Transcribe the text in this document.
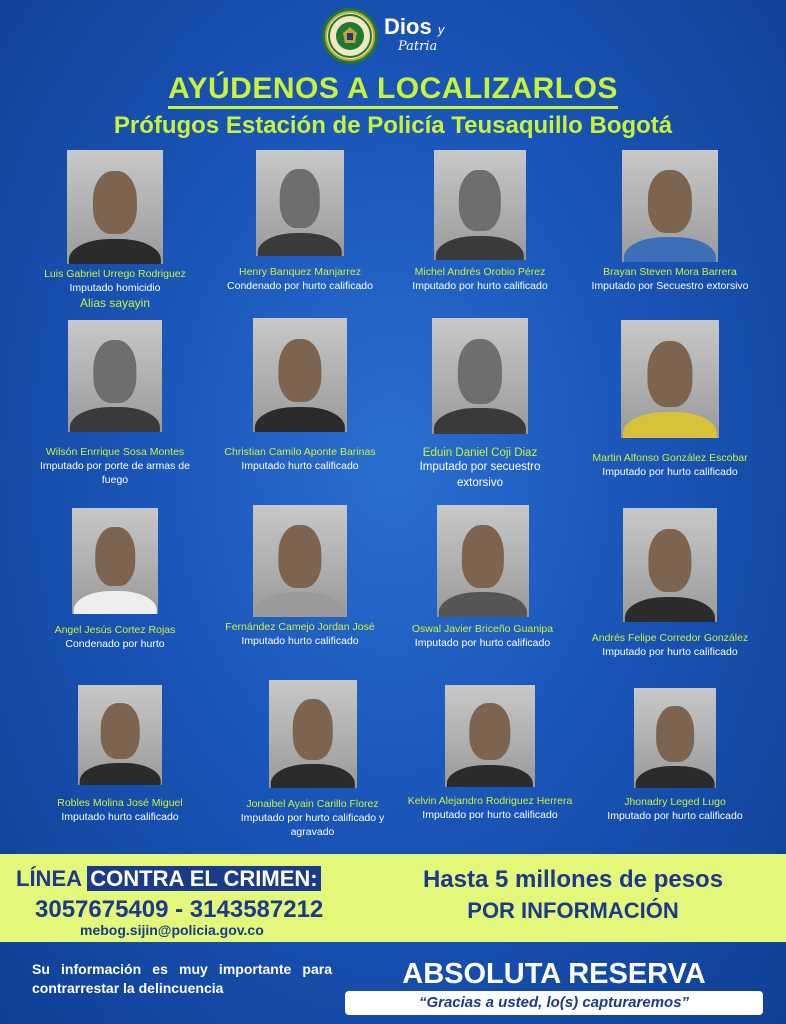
Dios y
Patria
AYÚDENOS A LOCALIZARLOS
Prófugos Estación de Policía Teusaquillo Bogotá
Luis Gabriel Urrego Rodriguez
Imputado homicidio
Alias sayayin
Henry Banquez Manjarrez
Condenado por hurto calificado
Michel Andrés Orobio Pérez
Imputado por hurto calificado
Brayan Steven Mora Barrera
Imputado por Secuestro extorsivo
Wilsón Enrrique Sosa Montes
Imputado por porte de armas de fuego
Christian Camilo Aponte Barinas
Imputado hurto calificado
Eduin Daniel Coji Diaz
Imputado por secuestro extorsivo
Martin Alfonso González Escobar
Imputado por hurto calificado
Angel Jesús Cortez Rojas
Condenado por hurto
Fernández Camejo Jordan José
Imputado hurto calificado
Oswal Javier Briceño Guanipa
Imputado por hurto calificado	Andrés Felipe Corredor González
Imputado por hurto calificado
Robles Molina José Miguel
Imputado hurto calificado
Jonaibel Ayain Carillo Florez
Imputado por hurto calificado y agravado
Kelvin Alejandro Rodriguez Herrera
Imputado por hurto calificado
Jhonadry Leged Lugo
Imputado por hurto calificado
LÍNEA CONTRA EL CRIMEN:
3057675409 - 3143587212
mebog.sijin@policia.gov.co
Hasta 5 millones de pesos
POR INFORMACIÓN
Su información es muy importante para contrarrestar la delincuencia	ABSOLUTA RESERVA
“Gracias a usted, lo(s) capturaremos”
